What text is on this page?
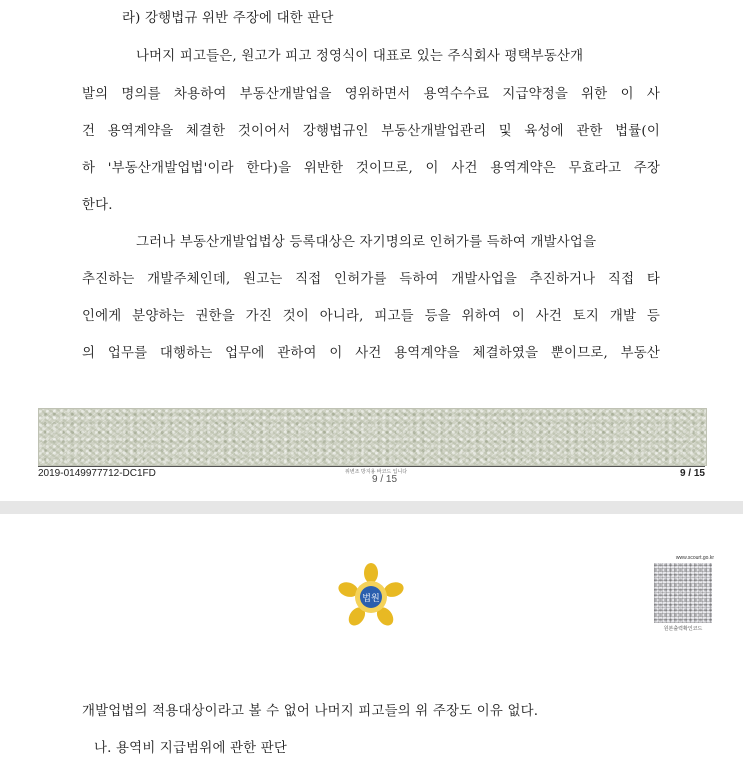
라) 강행법규 위반 주장에 대한 판단
나머지 피고들은, 원고가 피고 정영식이 대표로 있는 주식회사 평택부동산개
발의 명의를 차용하여 부동산개발업을 영위하면서 용역수수료 지급약정을 위한 이 사
건 용역계약을 체결한 것이어서 강행법규인 부동산개발업관리 및 육성에 관한 법률(이
하 '부동산개발업법'이라 한다)을 위반한 것이므로, 이 사건 용역계약은 무효라고 주장
한다.
그러나 부동산개발업법상 등록대상은 자기명의로 인허가를 득하여 개발사업을
추진하는 개발주체인데, 원고는 직접 인허가를 득하여 개발사업을 추진하거나 직접 타
인에게 분양하는 권한을 가진 것이 아니라, 피고들 등을 위하여 이 사건 토지 개발 등
의 업무를 대행하는 업무에 관하여 이 사건 용역계약을 체결하였을 뿐이므로, 부동산
2019-0149977712-DC1FD	위변조 방지용 바코드 입니다
9 / 15
9 / 15
법원
www.scourt.go.kr
원본출력확인코드
개발업법의 적용대상이라고 볼 수 없어 나머지 피고들의 위 주장도 이유 없다.
나. 용역비 지급범위에 관한 판단
